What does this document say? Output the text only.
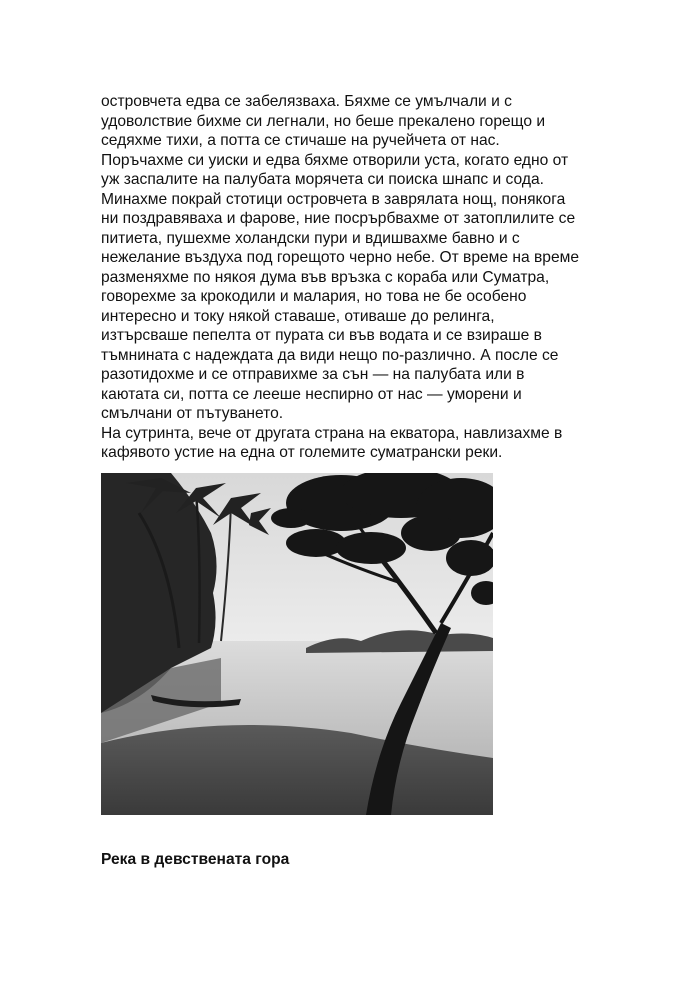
островчета едва се забелязваха. Бяхме се умълчали и с
удоволствие бихме си легнали, но беше прекалено горещо и
седяхме тихи, а потта се стичаше на ручейчета от нас.
Поръчахме си уиски и едва бяхме отворили уста, когато едно от
уж заспалите на палубата морячета си поиска шнапс и сода.
Минахме покрай стотици островчета в заврялата нощ, понякога
ни поздравяваха и фарове, ние посрърбвахме от затоплилите се
питиета, пушехме холандски пури и вдишвахме бавно и с
нежелание въздуха под горещото черно небе. От време на време
разменяхме по някоя дума във връзка с кораба или Суматра,
говорехме за крокодили и малария, но това не бе особено
интересно и току някой ставаше, отиваше до релинга,
изтърсваше пепелта от пурата си във водата и се взираше в
тъмнината с надеждата да види нещо по-различно. А после се
разотидохме и се отправихме за сън — на палубата или в
каютата си, потта се лееше неспирно от нас — уморени и
смълчани от пътуването.
На сутринта, вече от другата страна на екватора, навлизахме в
кафявото устие на една от големите суматрански реки.

Река в девствената гора
